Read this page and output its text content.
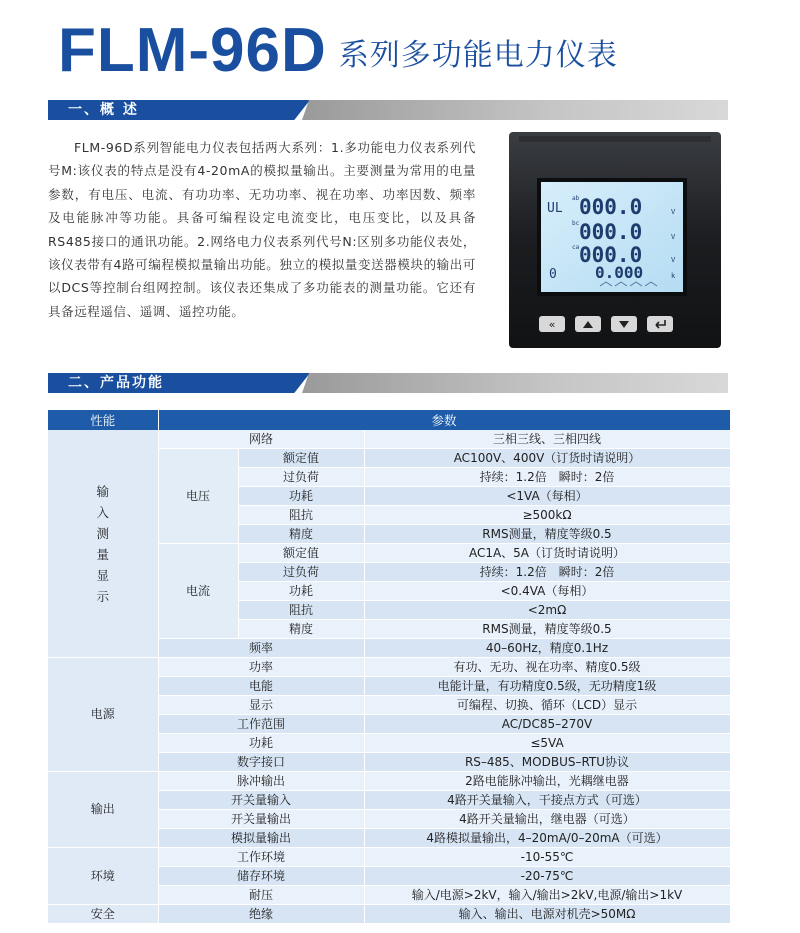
FLM-96D 系列多功能电力仪表
一、概 述

FLM-96D系列智能电力仪表包括两大系列：1.多功能电力仪表系列代号M:该仪表的特点是没有4-20mA的模拟量输出。主要测量为常用的电量参数，有电压、电流、有功功率、无功功率、视在功率、功率因数、频率及电能脉冲等功能。具备可编程设定电流变比，电压变比，以及具备RS485接口的通讯功能。2.网络电力仪表系列代号N:区别多功能仪表处，该仪表带有4路可编程模拟量输出功能。独立的模拟量变送器模块的输出可以DCS等控制台组网控制。该仪表还集成了多功能表的测量功能。它还有具备远程遥信、遥调、遥控功能。

UL
ab 000.0	V
bc 000.0	V
ca 000.0	V
0 0.000	k
«
二、产品功能
性能	参数		
输入测量显示	网络		三相三线、三相四线
	电压	额定值	AC100V、400V（订货时请说明）
		过负荷	持续：1.2倍　瞬时：2倍
		功耗	<1VA（每相）
		阻抗	≥500kΩ
		精度	RMS测量，精度等级0.5
	电流	额定值	AC1A、5A（订货时请说明）
		过负荷	持续：1.2倍　瞬时：2倍
		功耗	<0.4VA（每相）
		阻抗	<2mΩ
		精度	RMS测量，精度等级0.5
	频率		40–60Hz，精度0.1Hz
电源	功率		有功、无功、视在功率、精度0.5级
	电能		电能计量，有功精度0.5级，无功精度1级
	显示		可编程、切换、循环（LCD）显示
	工作范围		AC/DC85–270V
	功耗		≤5VA
	数字接口		RS–485、MODBUS–RTU协议
输出	脉冲输出		2路电能脉冲输出，光耦继电器
	开关量输入		4路开关量输入，干接点方式（可选）
	开关量输出		4路开关量输出，继电器（可选）
	模拟量输出		4路模拟量输出，4–20mA/0–20mA（可选）
环境	工作环境		-10-55℃
	储存环境		-20-75℃
	耐压		输入/电源>2kV，输入/输出>2kV,电源/输出>1kV
安全	绝缘		输入、输出、电源对机壳>50MΩ
